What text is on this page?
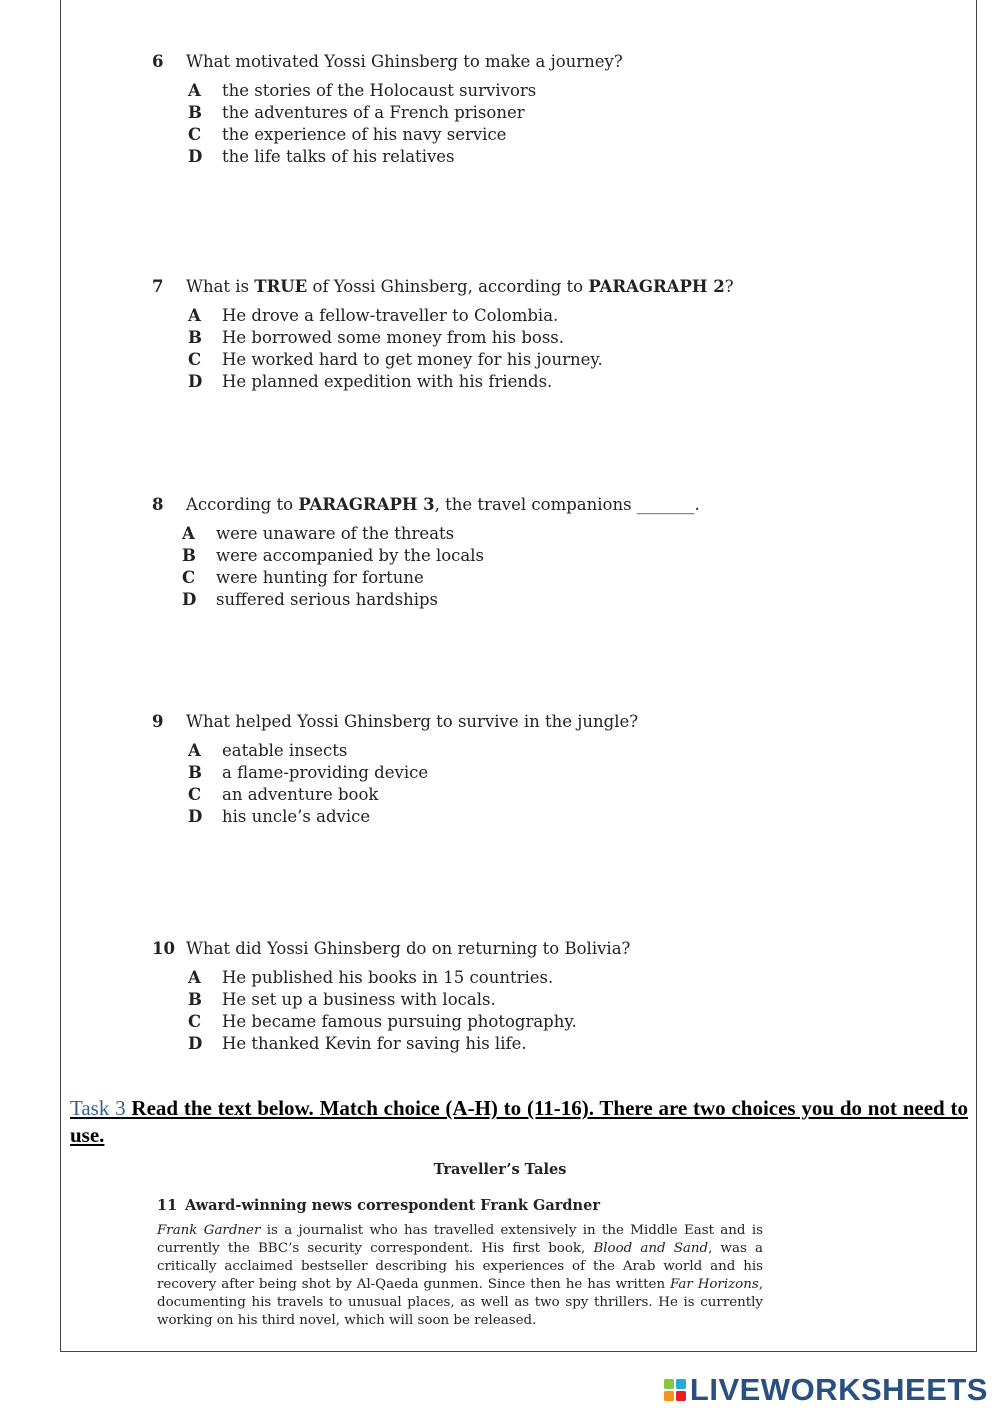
6 What motivated Yossi Ghinsberg to make a journey?
A the stories of the Holocaust survivors
B the adventures of a French prisoner
C the experience of his navy service
D the life talks of his relatives
7 What is TRUE of Yossi Ghinsberg, according to PARAGRAPH 2?
A He drove a fellow-traveller to Colombia.
B He borrowed some money from his boss.
C He worked hard to get money for his journey.
D He planned expedition with his friends.
8 According to PARAGRAPH 3, the travel companions _______.
A were unaware of the threats
B were accompanied by the locals
C were hunting for fortune
D suffered serious hardships
9 What helped Yossi Ghinsberg to survive in the jungle?
A eatable insects
B a flame-providing device
C an adventure book
D his uncle’s advice
10 What did Yossi Ghinsberg do on returning to Bolivia?
A He published his books in 15 countries.
B He set up a business with locals.
C He became famous pursuing photography.
D He thanked Kevin for saving his life.
Task 3 Read the text below. Match choice (A-H) to (11-16). There are two choices you do not need to use.
Traveller’s Tales
11 Award-winning news correspondent Frank Gardner
Frank Gardner is a journalist who has travelled extensively in the Middle East and is currently the BBC’s security correspondent. His first book, Blood and Sand, was a critically acclaimed bestseller describing his experiences of the Arab world and his recovery after being shot by Al-Qaeda gunmen. Since then he has written Far Horizons, documenting his travels to unusual places, as well as two spy thrillers. He is currently working on his third novel, which will soon be released.
LIVEWORKSHEETS
